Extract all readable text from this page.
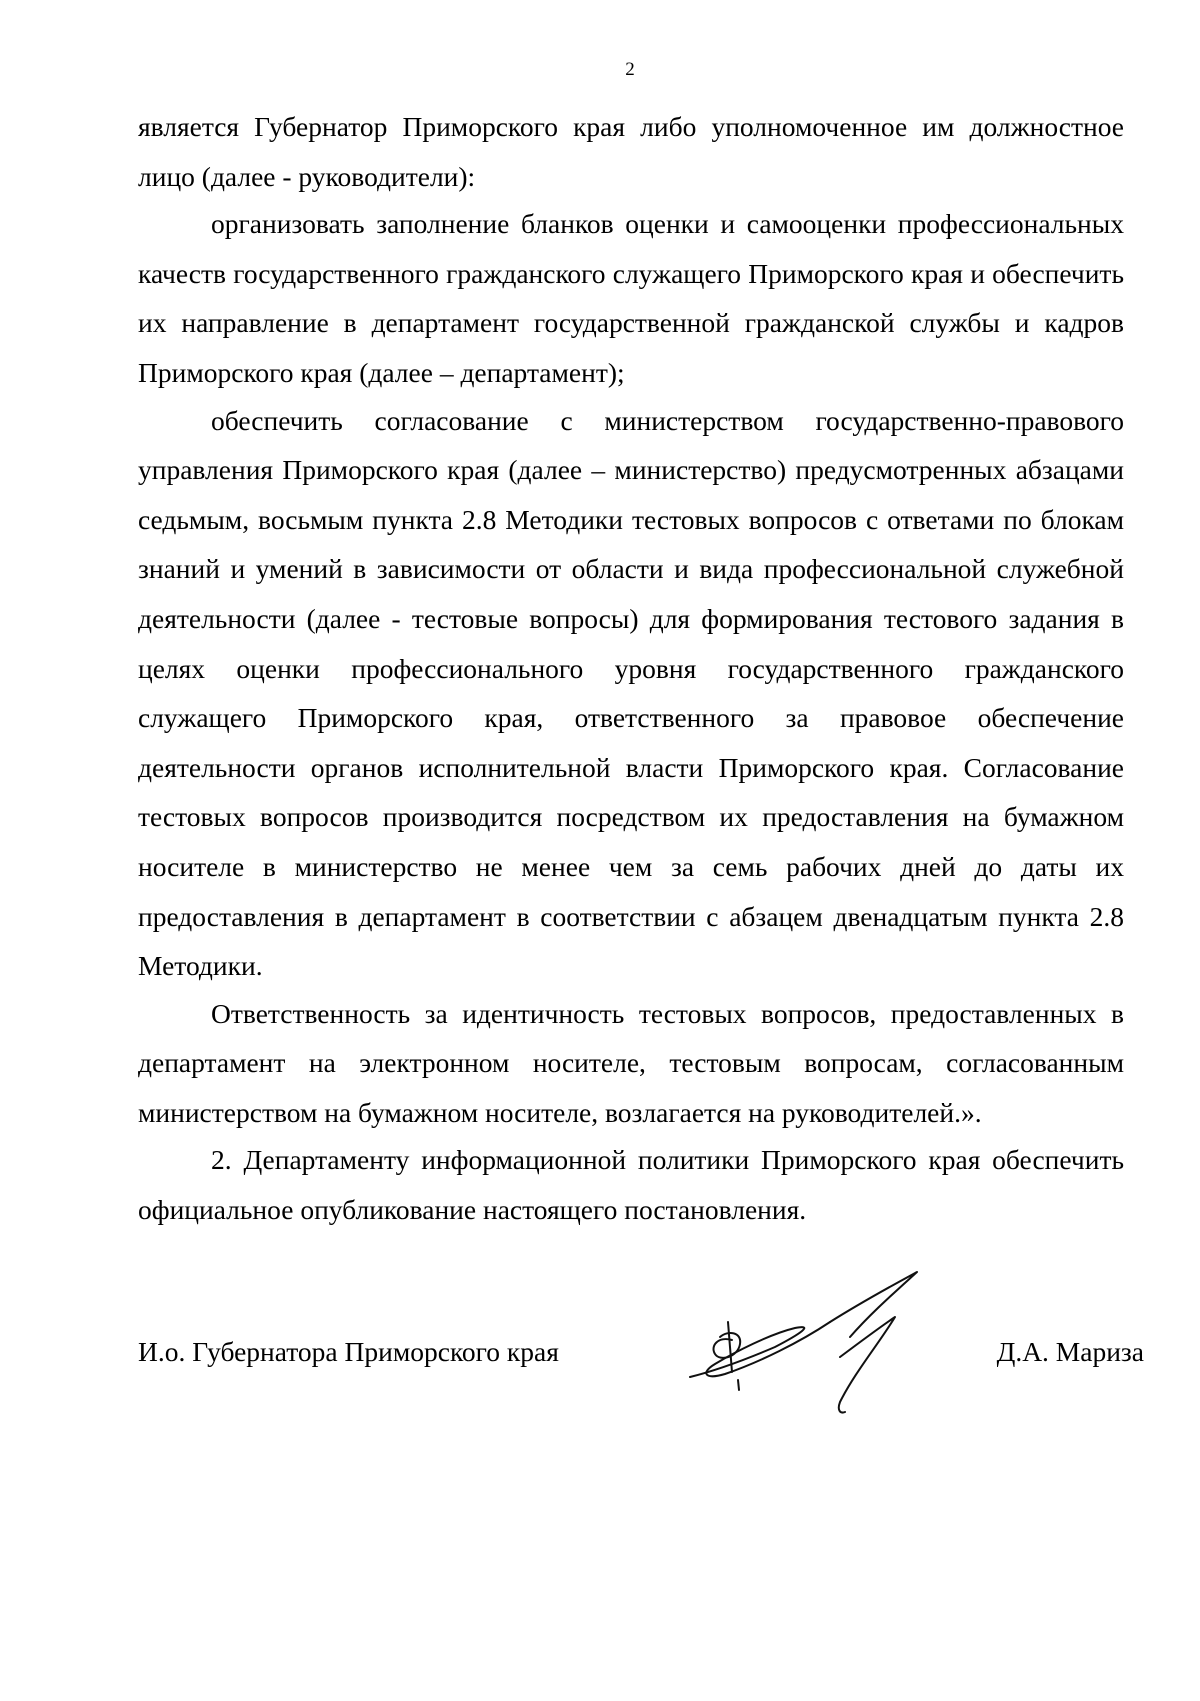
2

является Губернатор Приморского края либо уполномоченное им должностное лицо (далее - руководители):

организовать заполнение бланков оценки и самооценки профессиональных качеств государственного гражданского служащего Приморского края и обеспечить их направление в департамент государственной гражданской службы и кадров Приморского края (далее – департамент);

обеспечить согласование с министерством государственно-правового управления Приморского края (далее – министерство) предусмотренных абзацами седьмым, восьмым пункта 2.8 Методики тестовых вопросов с ответами по блокам знаний и умений в зависимости от области и вида профессиональной служебной деятельности (далее - тестовые вопросы) для формирования тестового задания в целях оценки профессионального уровня государственного гражданского служащего Приморского края, ответственного за правовое обеспечение деятельности органов исполнительной власти Приморского края. Согласование тестовых вопросов производится посредством их предоставления на бумажном носителе в министерство не менее чем за семь рабочих дней до даты их предоставления в департамент в соответствии с абзацем двенадцатым пункта 2.8 Методики.

Ответственность за идентичность тестовых вопросов, предоставленных в департамент на электронном носителе, тестовым вопросам, согласованным министерством на бумажном носителе, возлагается на руководителей.».

2. Департаменту информационной политики Приморского края обеспечить официальное опубликование настоящего постановления.

И.о. Губернатора Приморского края	Д.А. Мариза
